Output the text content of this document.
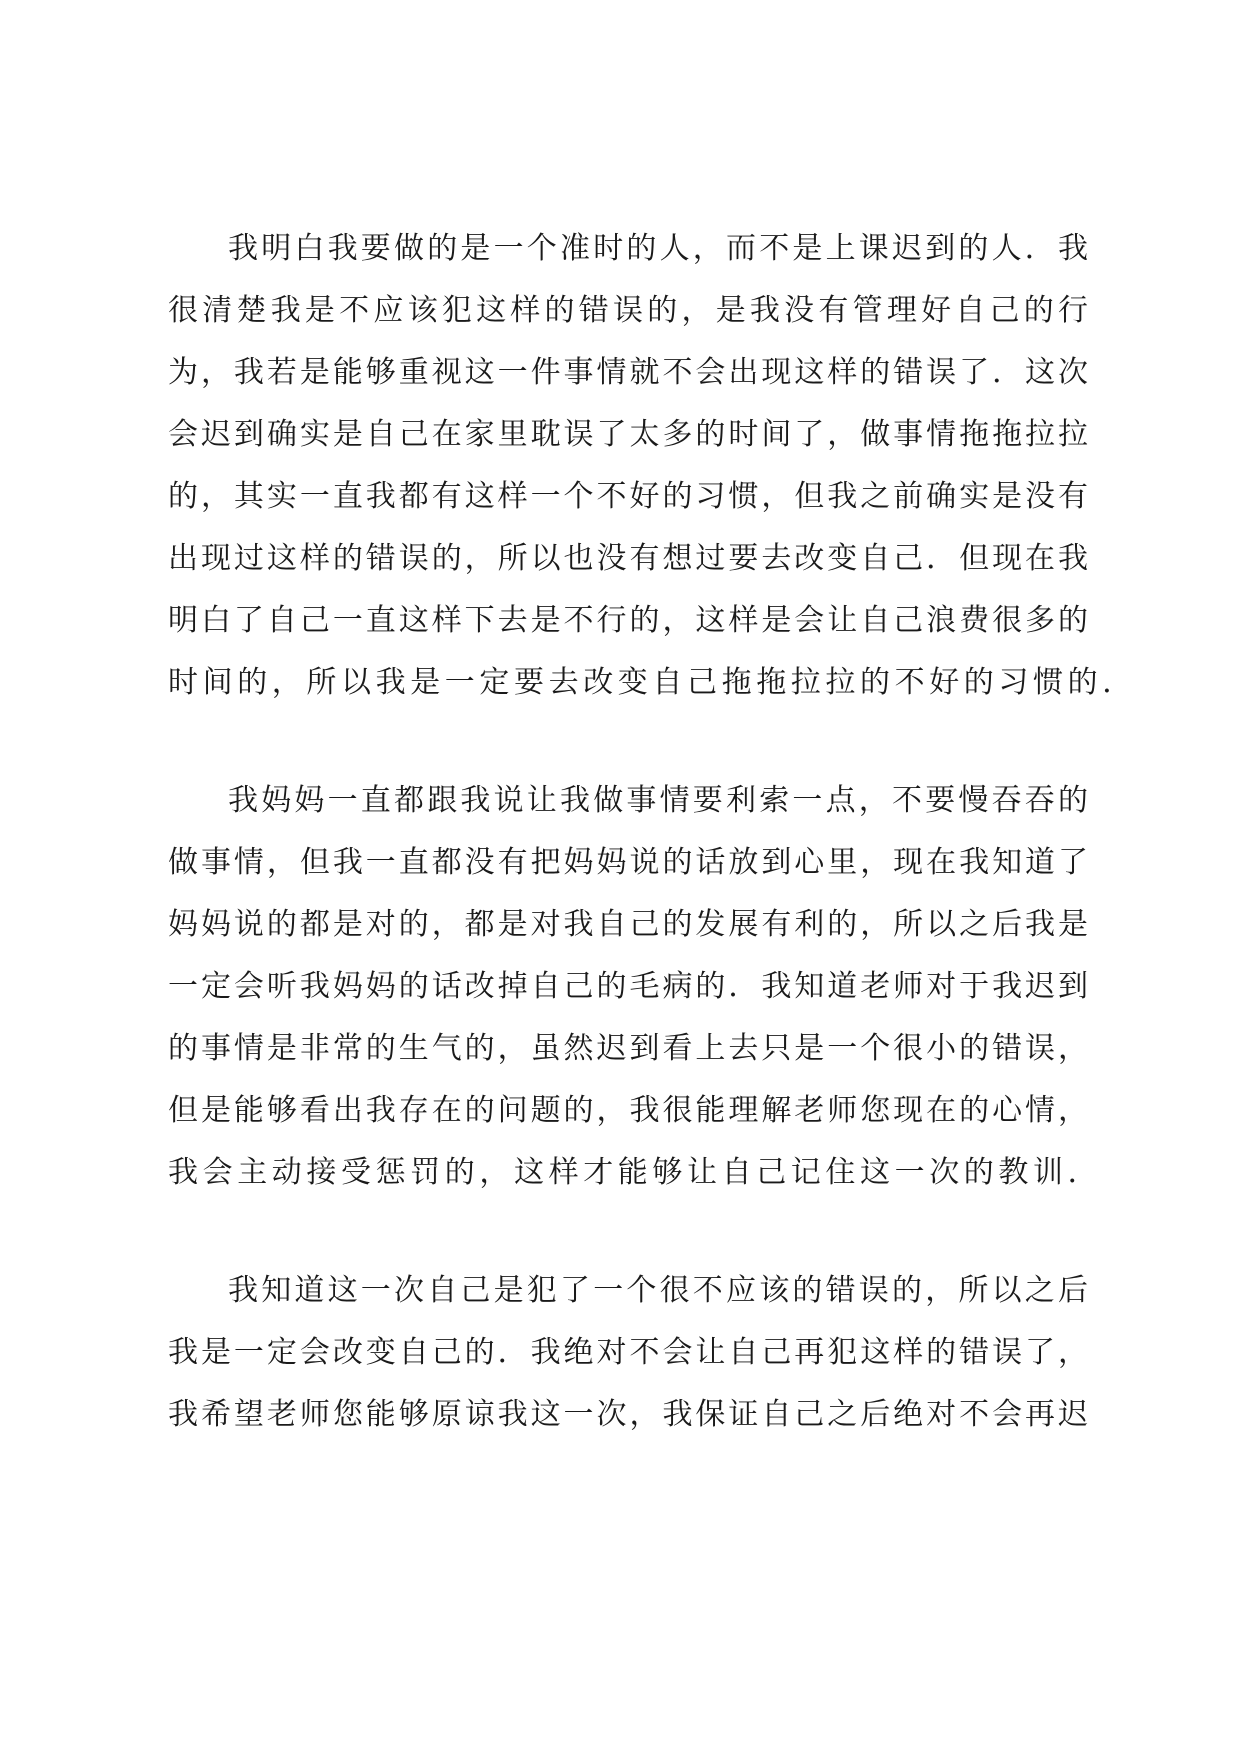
我明白我要做的是一个准时的人，而不是上课迟到的人．我
很清楚我是不应该犯这样的错误的，是我没有管理好自己的行
为，我若是能够重视这一件事情就不会出现这样的错误了．这次
会迟到确实是自己在家里耽误了太多的时间了，做事情拖拖拉拉
的，其实一直我都有这样一个不好的习惯，但我之前确实是没有
出现过这样的错误的，所以也没有想过要去改变自己．但现在我
明白了自己一直这样下去是不行的，这样是会让自己浪费很多的
时间的，所以我是一定要去改变自己拖拖拉拉的不好的习惯的．
我妈妈一直都跟我说让我做事情要利索一点，不要慢吞吞的
做事情，但我一直都没有把妈妈说的话放到心里，现在我知道了
妈妈说的都是对的，都是对我自己的发展有利的，所以之后我是
一定会听我妈妈的话改掉自己的毛病的．我知道老师对于我迟到
的事情是非常的生气的，虽然迟到看上去只是一个很小的错误，
但是能够看出我存在的问题的，我很能理解老师您现在的心情，
我会主动接受惩罚的，这样才能够让自己记住这一次的教训．
我知道这一次自己是犯了一个很不应该的错误的，所以之后
我是一定会改变自己的．我绝对不会让自己再犯这样的错误了，
我希望老师您能够原谅我这一次，我保证自己之后绝对不会再迟
